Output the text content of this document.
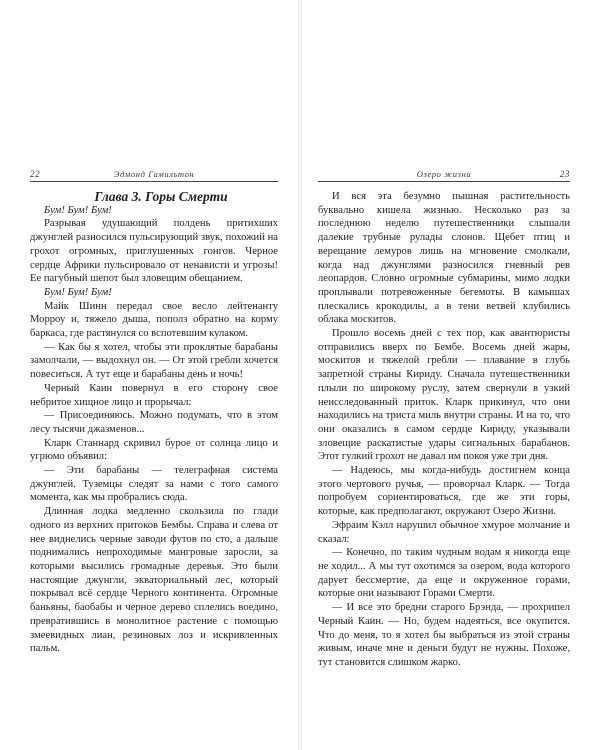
22	Эдмонд Гамильтон

Глава 3. Горы Смерти

Бум! Бум! Бум!

Разрывая удушающий полдень притихших джунглей разносился пульсирующий звук, похожий на грохот огромных, приглушенных гонгов. Черное сердце Африки пульсировало от ненависти и угрозы! Ее пагубный шепот был зловещим обещанием.

Бум! Бум! Бум!

Майк Шинн передал свое весло лейтенанту Морроу и, тяжело дыша, пополз обратно на корму баркаса, где растянулся со вспотевшим кулаком.

— Как бы я хотел, чтобы эти проклятые барабаны замолчали, — выдохнул он. — От этой гребли хочется повеситься. А тут еще и барабаны день и ночь!

Черный Каин повернул в его сторону свое небритое хищное лицо и прорычал:

— Присоединяюсь. Можно подумать, что в этом лесу тысячи джазменов...

Кларк Станнард скривил бурое от солнца лицо и угрюмо объявил:

— Эти барабаны — телеграфная система джунглей. Туземцы следят за нами с того самого момента, как мы пробрались сюда.

Длинная лодка медленно скользила по глади одного из верхних притоков Бембы. Справа и слева от нее виднелись черные заводи футов по сто, а дальше поднимались непроходимые мангровые заросли, за которыми высились громадные деревья. Это были настоящие джунгли, экваториальный лес, который покрывал всё сердце Черного континента. Огромные баньяны, баобабы и черное дерево сплелись воедино, превратившись в монолитное растение с помощью змеевидных лиан, резиновых лоз и искривленных пальм.

Озеро жизни	23

И вся эта безумно пышная растительность буквально кишела жизнью. Несколько раз за последнюю неделю путешественники слышали далекие трубные рулады слонов. Щебет птиц и верещание лемуров лишь на мгновение смолкали, когда над джунглями разносился гневный рев леопардов. Словно огромные субмарины, мимо лодки проплывали потревоженные бегемоты. В камышах плескались крокодилы, а в тени ветвей клубились облака москитов.

Прошло восемь дней с тех пор, как авантюристы отправились вверх по Бембе. Восемь дней жары, москитов и тяжелой гребли — плавание в глубь запретной страны Кириду. Сначала путешественники плыли по широкому руслу, затем свернули в узкий неисследованный приток. Кларк прикинул, что они находились на триста миль внутри страны. И на то, что они оказались в самом сердце Кириду, указывали зловещие раскатистые удары сигнальных барабанов. Этот гулкий грохот не давал им покоя уже три дня.

— Надеюсь, мы когда-нибудь достигнем конца этого чертового ручья, — проворчал Кларк. — Тогда попробуем сориентироваться, где же эти горы, которые, как предполагают, окружают Озеро Жизни.

Эфраим Кэлл нарушил обычное хмурое молчание и сказал:

— Конечно, по таким чудным водам я никогда еще не ходил... А мы тут охотимся за озером, вода которого дарует бессмертие, да еще и окруженное горами, которые они называют Горами Смерти.

— И все это бредни старого Брэнда, — прохрипел Черный Каин. — Но, будем надеяться, все окупится. Что до меня, то я хотел бы выбраться из этой страны живым, иначе мне и деньги будут не нужны. Похоже, тут становится слишком жарко.
